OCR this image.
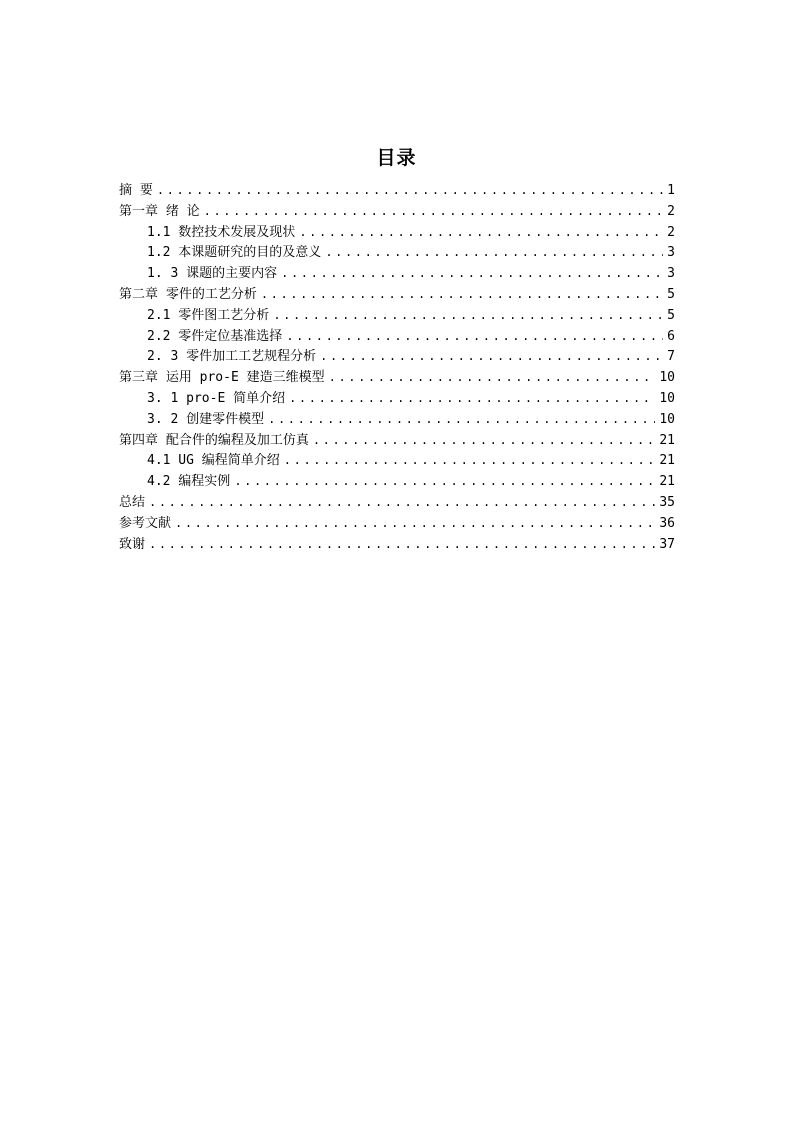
目录
摘 要 .....	1
第一章 绪 论 .....	2
1.1 数控技术发展及现状 .....	2
1.2 本课题研究的目的及意义 .....	3
1. 3 课题的主要内容 .....	3
第二章 零件的工艺分析 .....	5
2.1 零件图工艺分析 .....	5
2.2 零件定位基准选择 .....	6
2. 3 零件加工工艺规程分析 .....	7
第三章 运用 pro-E 建造三维模型 .....	10
3. 1 pro-E 简单介绍 .....	10
3. 2 创建零件模型 .....	10
第四章 配合件的编程及加工仿真 .....	21
4.1 UG 编程简单介绍 .....	21
4.2 编程实例 .....	21
总结 .....	35
参考文献 .....	36
致谢 .....	37
